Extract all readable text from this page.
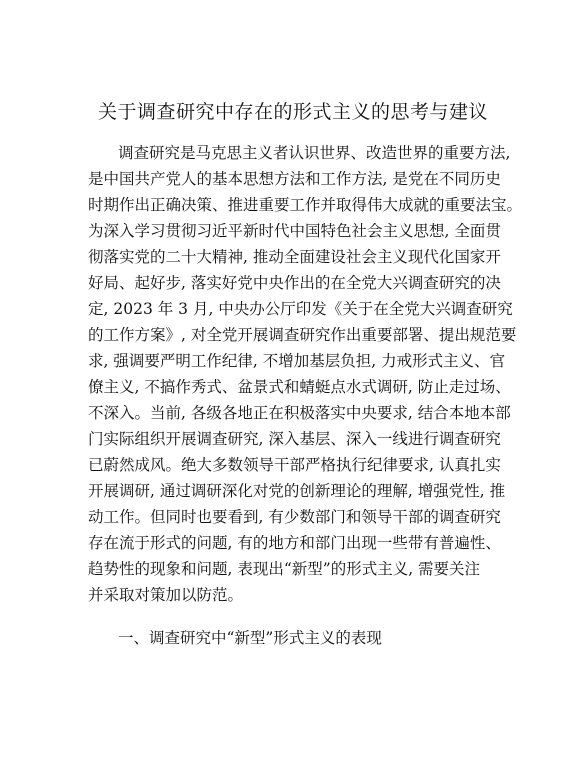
关于调查研究中存在的形式主义的思考与建议
调查研究是马克思主义者认识世界、改造世界的重要方法,
是中国共产党人的基本思想方法和工作方法, 是党在不同历史
时期作出正确决策、推进重要工作并取得伟大成就的重要法宝。
为深入学习贯彻习近平新时代中国特色社会主义思想, 全面贯
彻落实党的二十大精神, 推动全面建设社会主义现代化国家开
好局、起好步, 落实好党中央作出的在全党大兴调查研究的决
定, 2023 年 3 月, 中央办公厅印发《关于在全党大兴调查研究
的工作方案》, 对全党开展调查研究作出重要部署、提出规范要
求, 强调要严明工作纪律, 不增加基层负担, 力戒形式主义、官
僚主义, 不搞作秀式、盆景式和蜻蜓点水式调研, 防止走过场、
不深入。当前, 各级各地正在积极落实中央要求, 结合本地本部
门实际组织开展调查研究, 深入基层、深入一线进行调查研究
已蔚然成风。绝大多数领导干部严格执行纪律要求, 认真扎实
开展调研, 通过调研深化对党的创新理论的理解, 增强党性, 推
动工作。但同时也要看到, 有少数部门和领导干部的调查研究
存在流于形式的问题, 有的地方和部门出现一些带有普遍性、
趋势性的现象和问题, 表现出“新型”的形式主义, 需要关注
并采取对策加以防范。
一、调查研究中“新型”形式主义的表现
